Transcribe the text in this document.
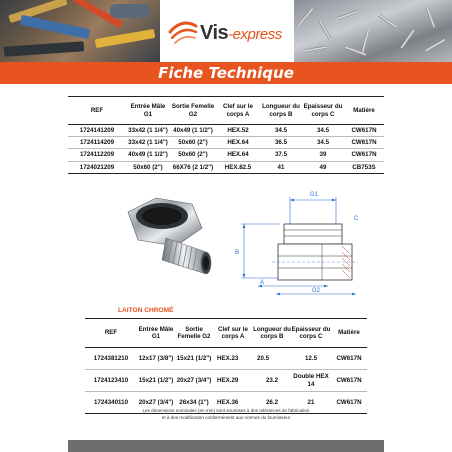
Vis-express
Fiche Technique
REF	Entrée Mâle G1	Sortie Femelle G2	Clef sur le corps A	Longueur du corps B	Epaisseur du corps C	Matière
1724141209	33x42 (1 1/4")	40x49 (1 1/2")	HEX.52	34.5	34.5	CW617N
1724114209	33x42 (1 1/4")	50x60 (2")	HEX.64	36.5	34.5	CW617N
1724112209	40x49 (1 1/2")	50x60 (2")	HEX.64	37.5	39	CW617N
1724021209	50x60 (2")	66X76 (2 1/2")	HEX.82.5	41	49	CB753S
G1
B
C
A
G2
LAITON CHROMÉ
REF	Entrée Mâle G1	Sortie Femelle G2	Clef sur le corps A	Longueur du corps B	Epaisseur du corps C	Matière
1724381210	12x17 (3/8")	15x21 (1/2")	HEX.23	20.5	12.5	CW617N
1724123410	15x21 (1/2")	20x27 (3/4")	HEX.29	23.2	Double HEX 14	CW617N
1724340110	20x27 (3/4")	26x34 (1")	HEX.36	26.2	21	CW617N
Les dimensions nominales (en mm) sont soumises à des tolérances de fabrication
et à des modification conformément aux normes du fournisseur
